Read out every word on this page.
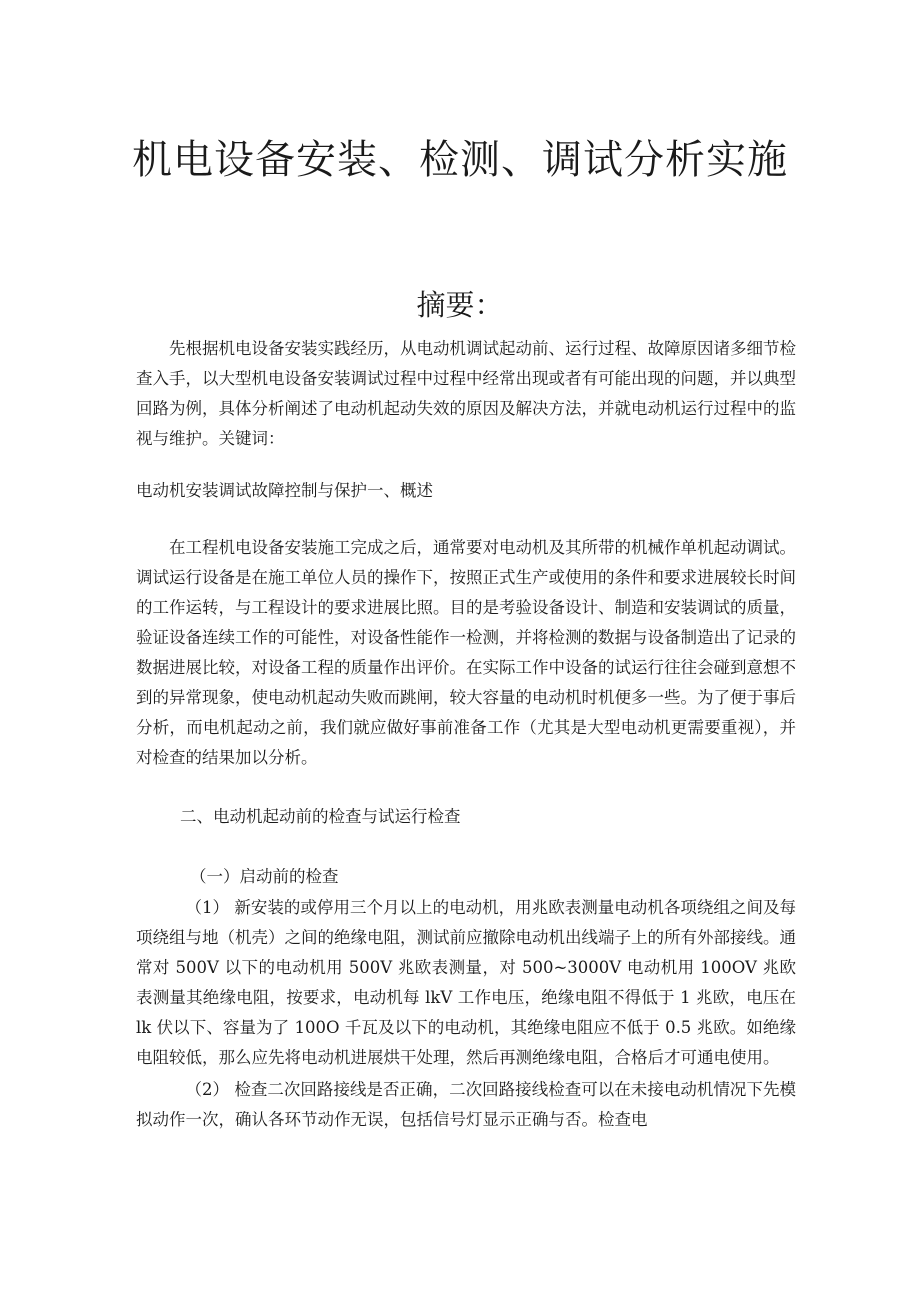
机电设备安装、检测、调试分析实施
摘要：

先根据机电设备安装实践经历，从电动机调试起动前、运行过程、故障原因诸多细节检查入手，以大型机电设备安装调试过程中过程中经常出现或者有可能出现的问题，并以典型回路为例，具体分析阐述了电动机起动失效的原因及解决方法，并就电动机运行过程中的监视与维护。关键词：

电动机安装调试故障控制与保护一、概述

在工程机电设备安装施工完成之后，通常要对电动机及其所带的机械作单机起动调试。调试运行设备是在施工单位人员的操作下，按照正式生产或使用的条件和要求进展较长时间的工作运转，与工程设计的要求进展比照。目的是考验设备设计、制造和安装调试的质量，验证设备连续工作的可能性，对设备性能作一检测，并将检测的数据与设备制造出了记录的数据进展比较，对设备工程的质量作出评价。在实际工作中设备的试运行往往会碰到意想不到的异常现象，使电动机起动失败而跳闸，较大容量的电动机时机便多一些。为了便于事后分析，而电机起动之前，我们就应做好事前准备工作（尤其是大型电动机更需要重视），并对检查的结果加以分析。

二、电动机起动前的检查与试运行检查

（一）启动前的检查

（1） 新安装的或停用三个月以上的电动机，用兆欧表测量电动机各项绕组之间及每项绕组与地（机壳）之间的绝缘电阻，测试前应撤除电动机出线端子上的所有外部接线。通常对 500V 以下的电动机用 500V 兆欧表测量，对 500~3000V 电动机用 100OV 兆欧表测量其绝缘电阻，按要求，电动机每 lkV 工作电压，绝缘电阻不得低于 1 兆欧，电压在 lk 伏以下、容量为了 100O 千瓦及以下的电动机，其绝缘电阻应不低于 0.5 兆欧。如绝缘电阻较低，那么应先将电动机进展烘干处理，然后再测绝缘电阻，合格后才可通电使用。

（2） 检查二次回路接线是否正确，二次回路接线检查可以在未接电动机情况下先模拟动作一次，确认各环节动作无误，包括信号灯显示正确与否。检查电
